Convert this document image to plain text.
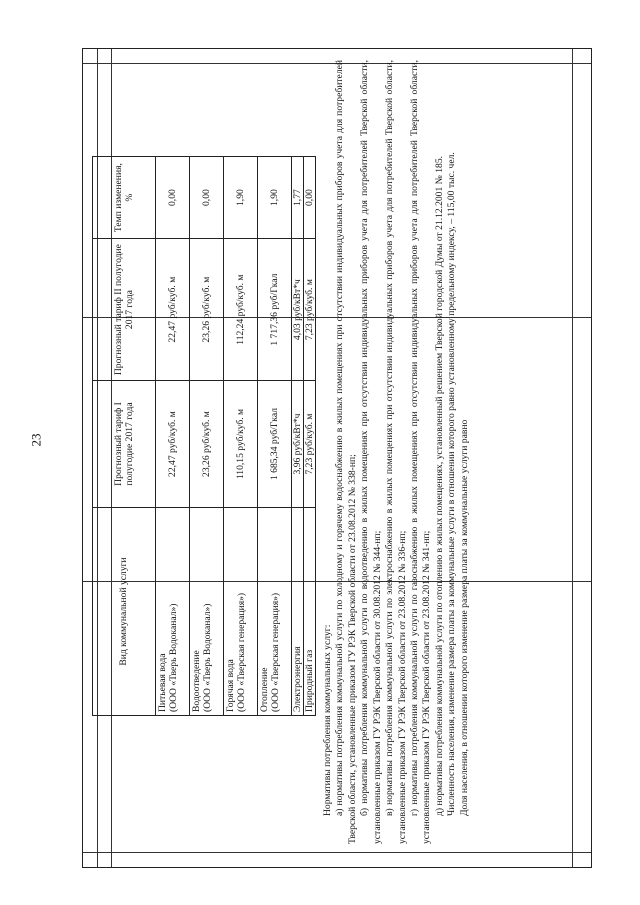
23
Вид коммунальной услуги	Прогнозный тариф I полугодие 2017 года	Прогнозный тариф II полугодие 2017 года	Темп изменения, %
Питьевая вода
(ООО «Тверь Водоканал»)	22,47 руб/куб. м	22,47 руб/куб. м	0,00
Водоотведение
(ООО «Тверь Водоканал»)	23,26 руб/куб. м	23,26 руб/куб. м	0,00
Горячая вода
(ООО «Тверская генерация»)	110,15 руб/куб. м	112,24 руб/куб. м	1,90
Отопление
(ООО «Тверская генерация»)	1 685,34 руб/Гкал	1 717,36 руб/Гкал	1,90
Электроэнергия	3,96 руб/кВт*ч	4,03 руб/кВт*ч	1,77
Природный газ	7,23 руб/куб. м	7,23 руб/куб. м	0,00

Нормативы потребления коммунальных услуг: а) нормативы потребления коммунальной услуги по холодному и горячему водоснабжению в жилых помещениях при отсутствии индивидуальных приборов учета для потребителей Тверской области, установленные приказом ГУ РЭК Тверской области от 23.08.2012 № 338-нп; б) нормативы потребления коммунальной услуги по водоотведению в жилых помещениях при отсутствии индивидуальных приборов учета для потребителей Тверской области, установленные приказом ГУ РЭК Тверской области от 30.08.2012 № 344-нп; в) нормативы потребления коммунальной услуги по электроснабжению в жилых помещениях при отсутствии индивидуальных приборов учета для потребителей Тверской области, установленные приказом ГУ РЭК Тверской области от 23.08.2012 № 336-нп; г) нормативы потребления коммунальной услуги по газоснабжению в жилых помещениях при отсутствии индивидуальных приборов учета для потребителей Тверской области, установленные приказом ГУ РЭК Тверской области от 23.08.2012 № 341-нп; д) нормативы потребления коммунальной услуги по отоплению в жилых помещениях, установленный решением Тверской городской Думы от 21.12.2001 № 185. Численность населения, изменение размера платы за коммунальные услуги в отношении которого равно установленному предельному индексу, – 115,00 тыс. чел. Доля населения, в отношении которого изменение размера платы за коммунальные услуги равно
